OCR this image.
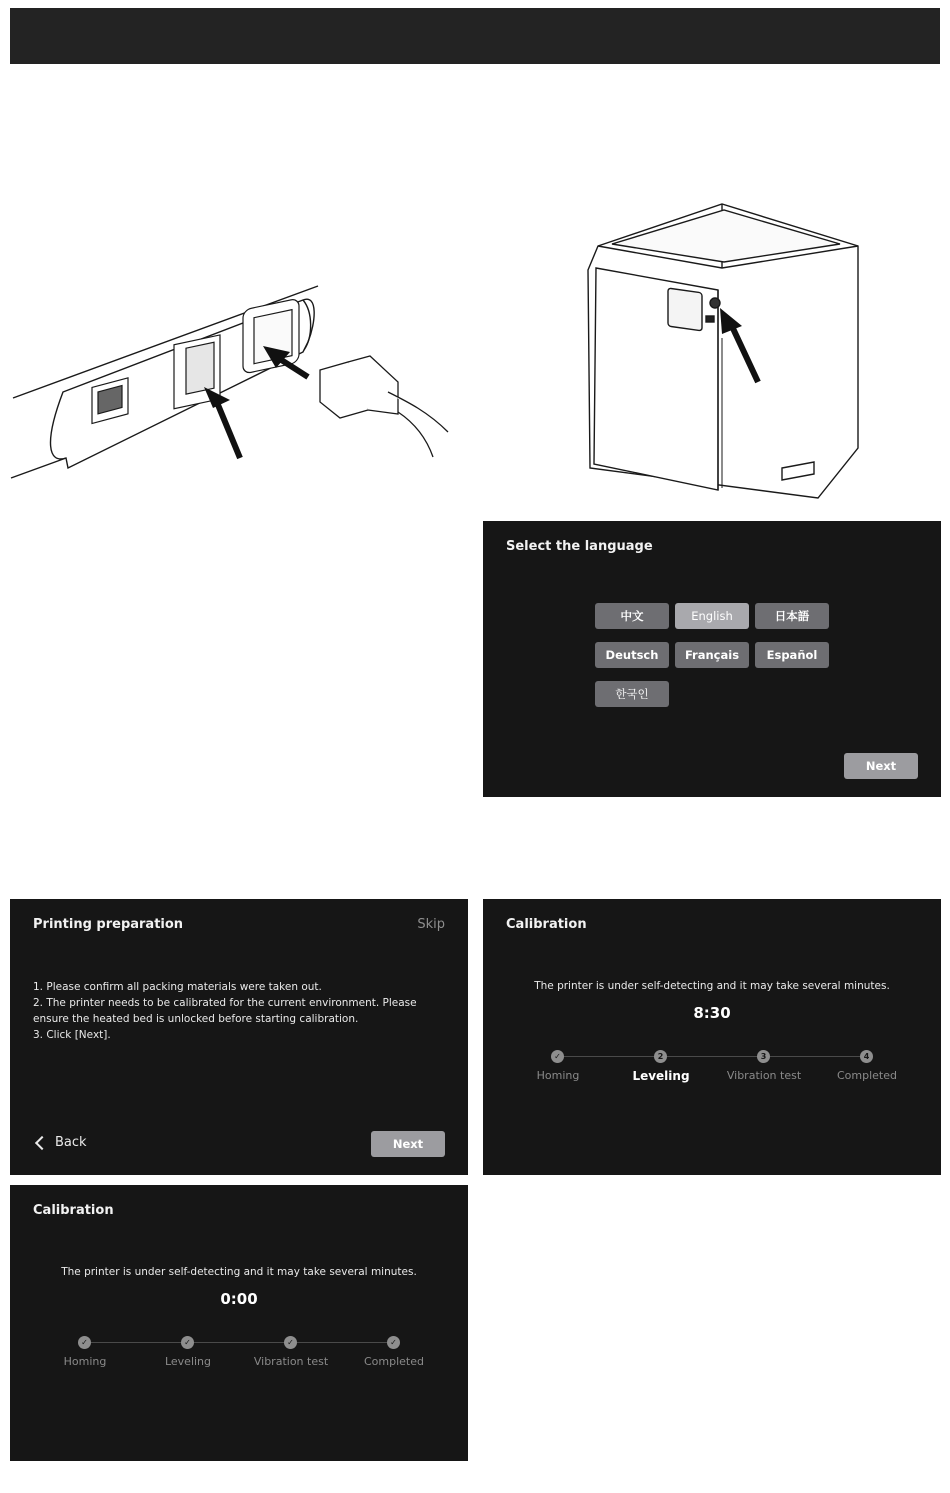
Select the language
中文	English	日本語
Deutsch	Français	Español
한국인
Next
Printing preparation	Skip
1. Please confirm all packing materials were taken out.
2. The printer needs to be calibrated for the current environment. Please ensure the heated bed is unlocked before starting calibration.
3. Click [Next].
Back	Next
Calibration
The printer is under self-detecting and it may take several minutes.
8:30
✓	2	3	4
Homing	Leveling	Vibration test	Completed
Calibration
The printer is under self-detecting and it may take several minutes.
0:00
✓	✓	✓	✓
Homing	Leveling	Vibration test	Completed
